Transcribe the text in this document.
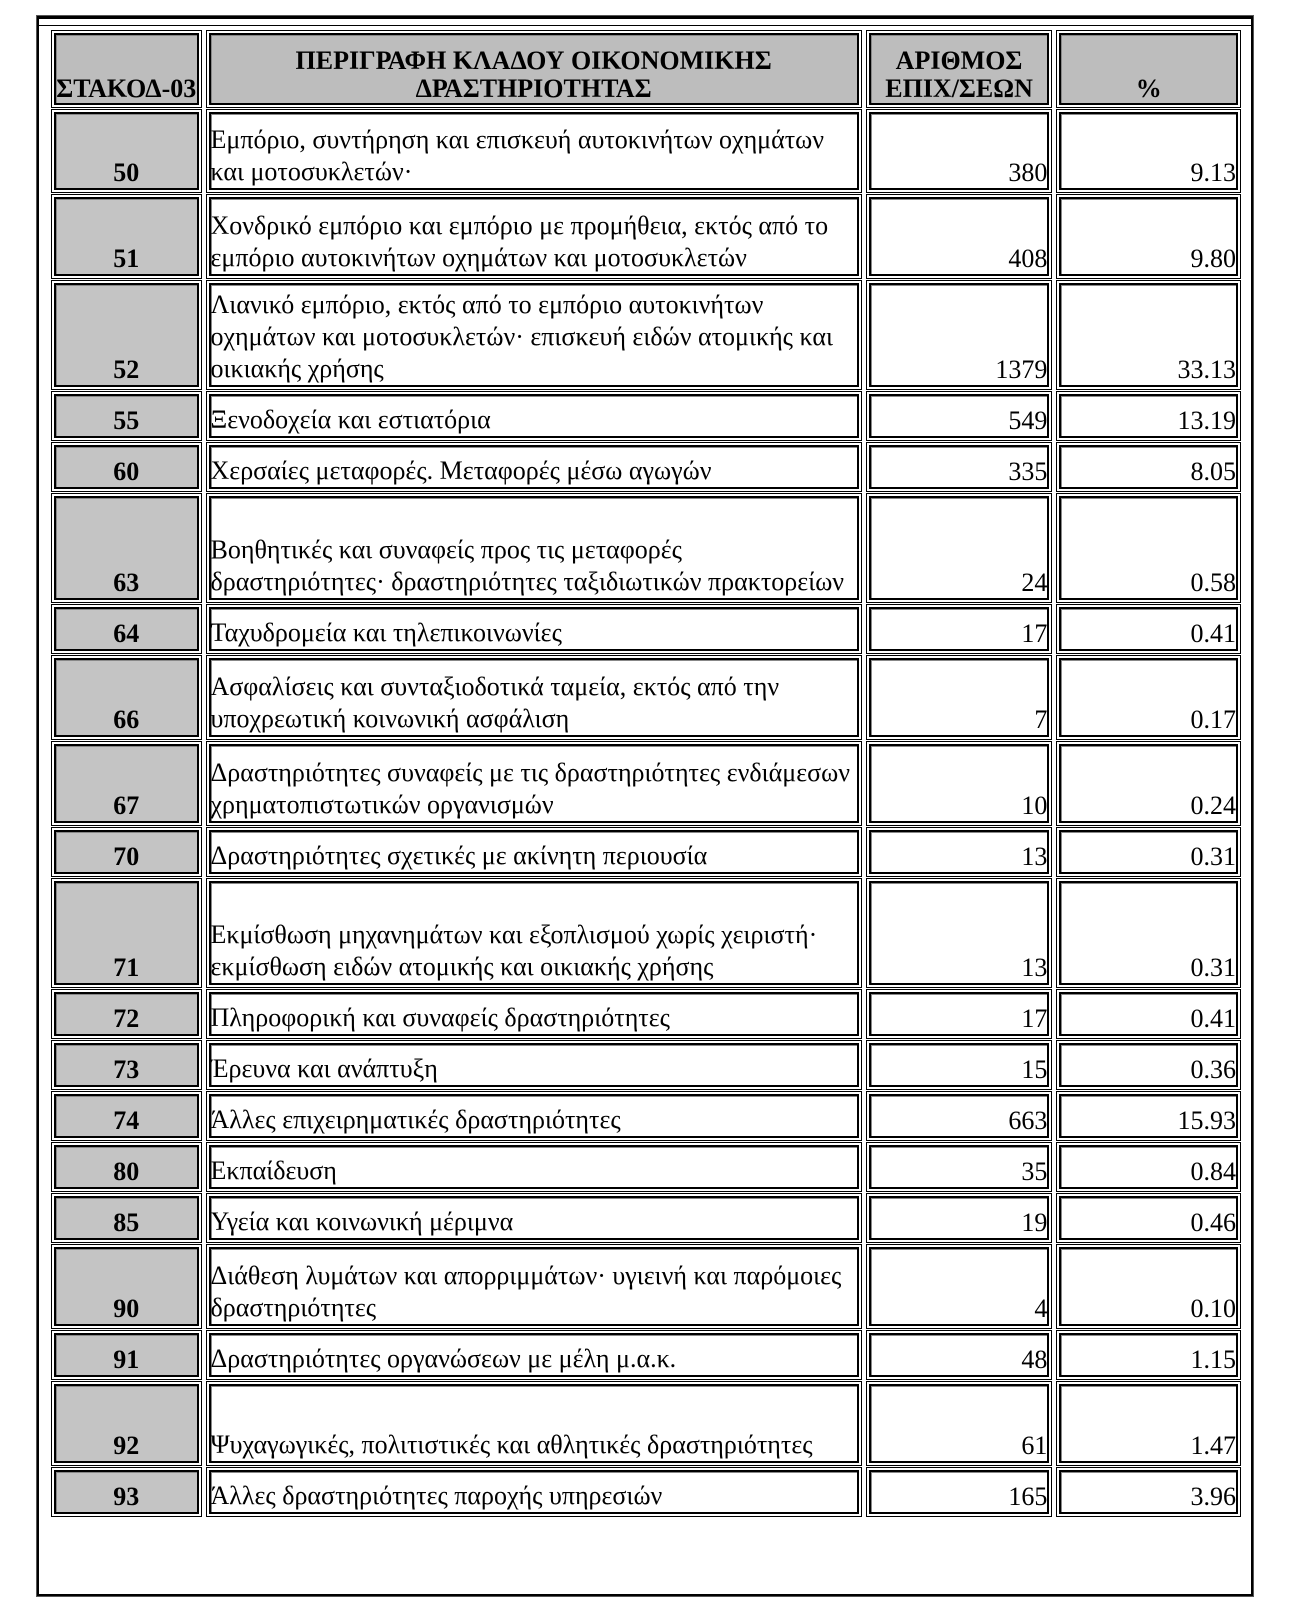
ΣΤΑΚΟΔ-03	ΠΕΡΙΓΡΑΦΗ ΚΛΑΔΟΥ ΟΙΚΟΝΟΜΙΚΗΣ ΔΡΑΣΤΗΡΙΟΤΗΤΑΣ	ΑΡΙΘΜΟΣ ΕΠΙΧ/ΣΕΩΝ	%
50	Εμπόριο, συντήρηση και επισκευή αυτοκινήτων οχημάτων και μοτοσυκλετών·	380	9.13
51	Χονδρικό εμπόριο και εμπόριο με προμήθεια, εκτός από το εμπόριο αυτοκινήτων οχημάτων και μοτοσυκλετών	408	9.80
52	Λιανικό εμπόριο, εκτός από το εμπόριο αυτοκινήτων οχημάτων και μοτοσυκλετών· επισκευή ειδών ατομικής και οικιακής χρήσης	1379	33.13
55	Ξενοδοχεία και εστιατόρια	549	13.19
60	Χερσαίες μεταφορές. Μεταφορές μέσω αγωγών	335	8.05
63	Βοηθητικές και συναφείς προς τις μεταφορές δραστηριότητες· δραστηριότητες ταξιδιωτικών πρακτορείων	24	0.58
64	Ταχυδρομεία και τηλεπικοινωνίες	17	0.41
66	Ασφαλίσεις και συνταξιοδοτικά ταμεία, εκτός από την υποχρεωτική κοινωνική ασφάλιση	7	0.17
67	Δραστηριότητες συναφείς με τις δραστηριότητες ενδιάμεσων χρηματοπιστωτικών οργανισμών	10	0.24
70	Δραστηριότητες σχετικές με ακίνητη περιουσία	13	0.31
71	Εκμίσθωση μηχανημάτων και εξοπλισμού χωρίς χειριστή· εκμίσθωση ειδών ατομικής και οικιακής χρήσης	13	0.31
72	Πληροφορική και συναφείς δραστηριότητες	17	0.41
73	Έρευνα και ανάπτυξη	15	0.36
74	Άλλες επιχειρηματικές δραστηριότητες	663	15.93
80	Εκπαίδευση	35	0.84
85	Υγεία και κοινωνική μέριμνα	19	0.46
90	Διάθεση λυμάτων και απορριμμάτων· υγιεινή και παρόμοιες δραστηριότητες	4	0.10
91	Δραστηριότητες οργανώσεων με μέλη μ.α.κ.	48	1.15
92	Ψυχαγωγικές, πολιτιστικές και αθλητικές δραστηριότητες	61	1.47
93	Άλλες δραστηριότητες παροχής υπηρεσιών	165	3.96
